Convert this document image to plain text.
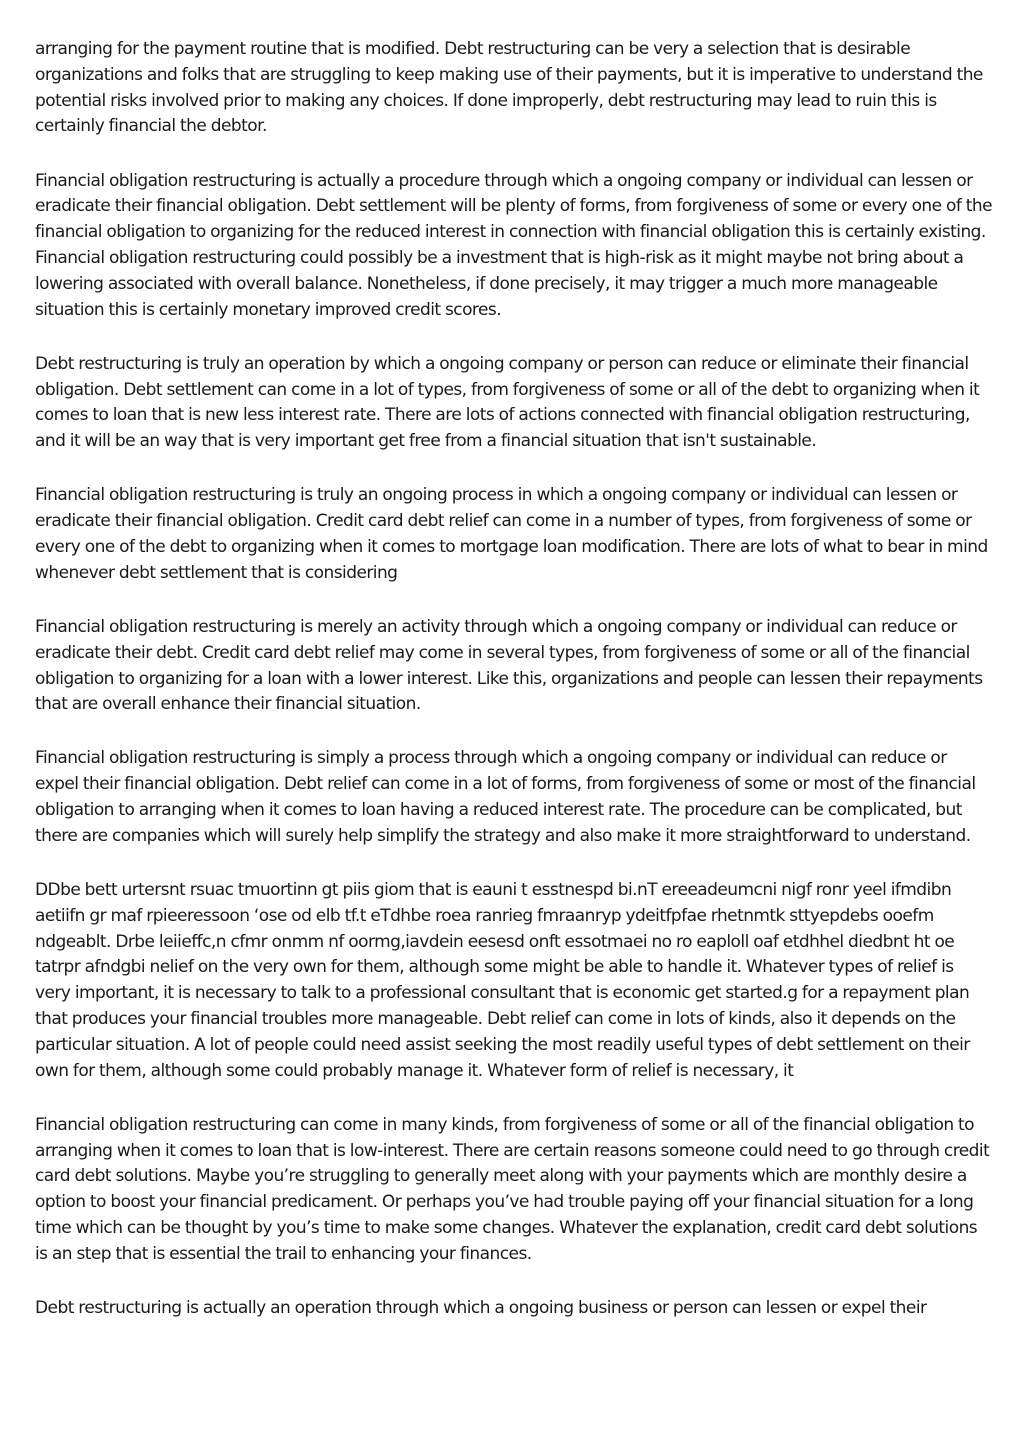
arranging for the payment routine that is modified. Debt restructuring can be very a selection that is desirable organizations and folks that are struggling to keep making use of their payments, but it is imperative to understand the potential risks involved prior to making any choices. If done improperly, debt restructuring may lead to ruin this is certainly financial the debtor.

Financial obligation restructuring is actually a procedure through which a ongoing company or individual can lessen or eradicate their financial obligation. Debt settlement will be plenty of forms, from forgiveness of some or every one of the financial obligation to organizing for the reduced interest in connection with financial obligation this is certainly existing. Financial obligation restructuring could possibly be a investment that is high-risk as it might maybe not bring about a lowering associated with overall balance. Nonetheless, if done precisely, it may trigger a much more manageable situation this is certainly monetary improved credit scores.

Debt restructuring is truly an operation by which a ongoing company or person can reduce or eliminate their financial obligation. Debt settlement can come in a lot of types, from forgiveness of some or all of the debt to organizing when it comes to loan that is new less interest rate. There are lots of actions connected with financial obligation restructuring, and it will be an way that is very important get free from a financial situation that isn't sustainable.

Financial obligation restructuring is truly an ongoing process in which a ongoing company or individual can lessen or eradicate their financial obligation. Credit card debt relief can come in a number of types, from forgiveness of some or every one of the debt to organizing when it comes to mortgage loan modification. There are lots of what to bear in mind whenever debt settlement that is considering

Financial obligation restructuring is merely an activity through which a ongoing company or individual can reduce or eradicate their debt. Credit card debt relief may come in several types, from forgiveness of some or all of the financial obligation to organizing for a loan with a lower interest. Like this, organizations and people can lessen their repayments that are overall enhance their financial situation.

Financial obligation restructuring is simply a process through which a ongoing company or individual can reduce or expel their financial obligation. Debt relief can come in a lot of forms, from forgiveness of some or most of the financial obligation to arranging when it comes to loan having a reduced interest rate. The procedure can be complicated, but there are companies which will surely help simplify the strategy and also make it more straightforward to understand.

DDbe bett urtersnt rsuac tmuortinn gt piis giom that is eauni t esstnespd bi.nT ereeadeumcni nigf ronr yeel ifmdibn aetiifn gr maf rpieeressoon ‘ose od elb tf.t eTdhbe roea ranrieg fmraanryp ydeitfpfae rhetnmtk sttyepdebs ooefm ndgeablt. Drbe leiieffc,n cfmr onmm nf oormg,iavdein eesesd onft essotmaei no ro eaploll oaf etdhhel diedbnt ht oe tatrpr afndgbi nelief on the very own for them, although some might be able to handle it. Whatever types of relief is very important, it is necessary to talk to a professional consultant that is economic get started.g for a repayment plan that produces your financial troubles more manageable. Debt relief can come in lots of kinds, also it depends on the particular situation. A lot of people could need assist seeking the most readily useful types of debt settlement on their own for them, although some could probably manage it. Whatever form of relief is necessary, it

Financial obligation restructuring can come in many kinds, from forgiveness of some or all of the financial obligation to arranging when it comes to loan that is low-interest. There are certain reasons someone could need to go through credit card debt solutions. Maybe you’re struggling to generally meet along with your payments which are monthly desire a option to boost your financial predicament. Or perhaps you’ve had trouble paying off your financial situation for a long time which can be thought by you’s time to make some changes. Whatever the explanation, credit card debt solutions is an step that is essential the trail to enhancing your finances.

Debt restructuring is actually an operation through which a ongoing business or person can lessen or expel their
